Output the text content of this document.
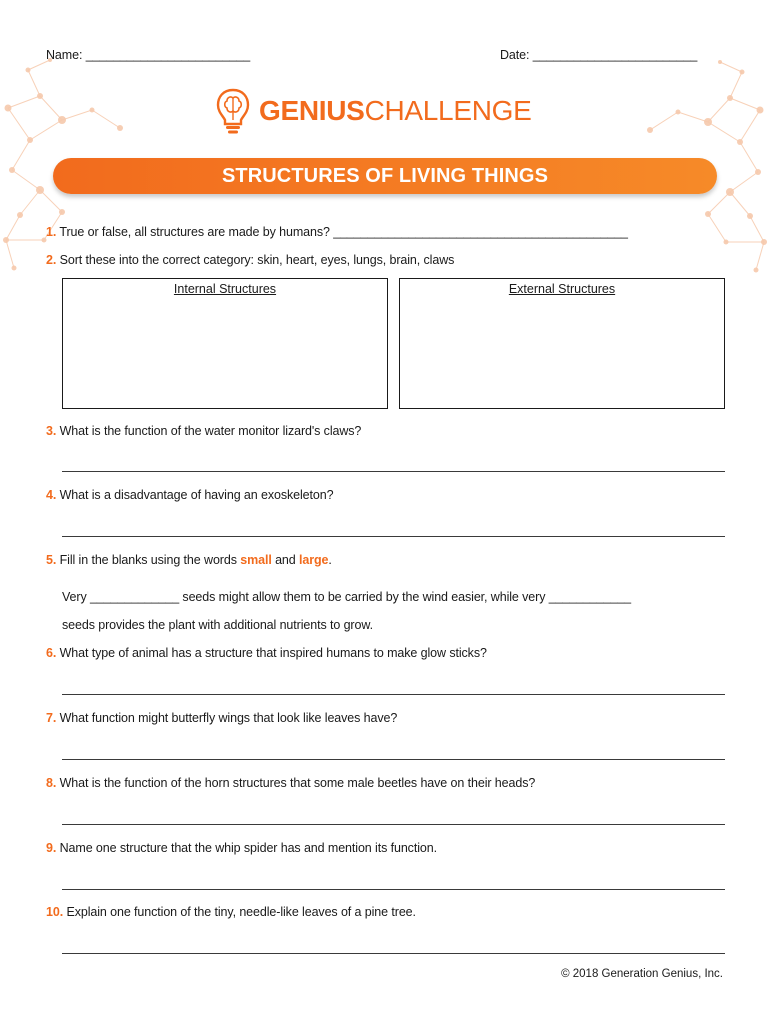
Name: ________________________	Date: ________________________
GENIUSCHALLENGE
STRUCTURES OF LIVING THINGS
1. True or false, all structures are made by humans? ___________________________________________
2. Sort these into the correct category: skin, heart, eyes, lungs, brain, claws
Internal Structures	External Structures
3. What is the function of the water monitor lizard's claws?
4. What is a disadvantage of having an exoskeleton?
5. Fill in the blanks using the words small and large.
Very _____________ seeds might allow them to be carried by the wind easier, while very ____________
seeds provides the plant with additional nutrients to grow.
6. What type of animal has a structure that inspired humans to make glow sticks?
7. What function might butterfly wings that look like leaves have?
8. What is the function of the horn structures that some male beetles have on their heads?
9. Name one structure that the whip spider has and mention its function.
10. Explain one function of the tiny, needle-like leaves of a pine tree.
© 2018 Generation Genius, Inc.
